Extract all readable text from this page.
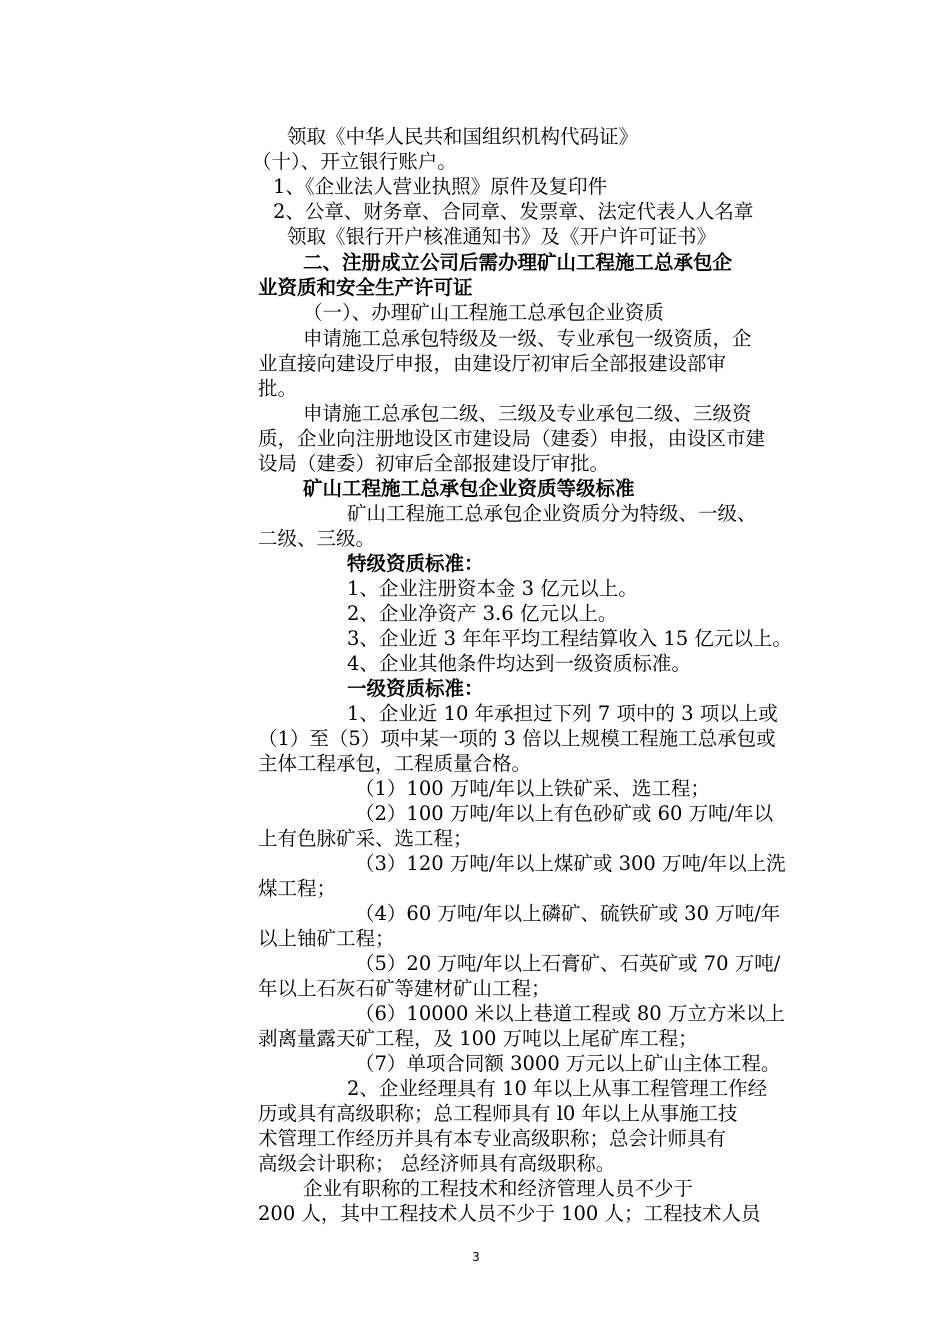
领取《中华人民共和国组织机构代码证》
（十）、开立银行账户。
1、《企业法人营业执照》原件及复印件
2、公章、财务章、合同章、发票章、法定代表人人名章
领取《银行开户核准通知书》及《开户许可证书》
二、注册成立公司后需办理矿山工程施工总承包企
业资质和安全生产许可证
（一）、办理矿山工程施工总承包企业资质
申请施工总承包特级及一级、专业承包一级资质，企
业直接向建设厅申报，由建设厅初审后全部报建设部审
批。
申请施工总承包二级、三级及专业承包二级、三级资
质，企业向注册地设区市建设局（建委）申报，由设区市建
设局（建委）初审后全部报建设厅审批。
矿山工程施工总承包企业资质等级标准
矿山工程施工总承包企业资质分为特级、一级、
二级、三级。
特级资质标准：
1、企业注册资本金 3 亿元以上。
2、企业净资产 3.6 亿元以上。
3、企业近 3 年年平均工程结算收入 15 亿元以上。
4、企业其他条件均达到一级资质标准。
一级资质标准：
1、企业近 10 年承担过下列 7 项中的 3 项以上或
（1）至（5）项中某一项的 3 倍以上规模工程施工总承包或
主体工程承包，工程质量合格。
（1）100 万吨/年以上铁矿采、选工程；
（2）100 万吨/年以上有色砂矿或 60 万吨/年以
上有色脉矿采、选工程；
（3）120 万吨/年以上煤矿或 300 万吨/年以上洗
煤工程；
（4）60 万吨/年以上磷矿、硫铁矿或 30 万吨/年
以上铀矿工程；
（5）20 万吨/年以上石膏矿、石英矿或 70 万吨/
年以上石灰石矿等建材矿山工程；
（6）10000 米以上巷道工程或 80 万立方米以上
剥离量露天矿工程，及 100 万吨以上尾矿库工程；
（7）单项合同额 3000 万元以上矿山主体工程。
2、企业经理具有 10 年以上从事工程管理工作经
历或具有高级职称；总工程师具有 l0 年以上从事施工技
术管理工作经历并具有本专业高级职称；总会计师具有
高级会计职称； 总经济师具有高级职称。
企业有职称的工程技术和经济管理人员不少于
200 人，其中工程技术人员不少于 100 人；工程技术人员
3
